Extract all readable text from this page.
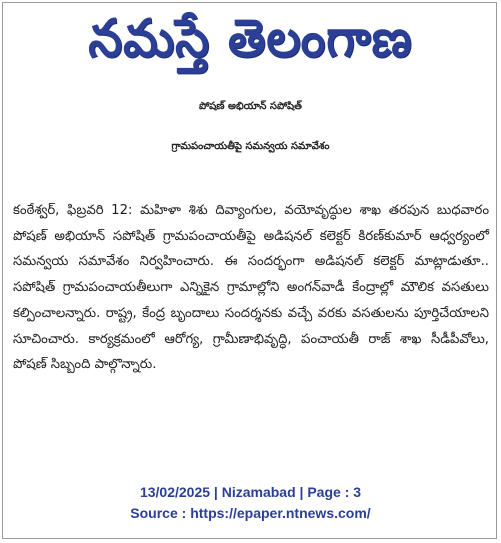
నమస్తే తెలంగాణ
పోషణ్‌ అభియాన్‌ సపోషిత్‌
గ్రామపంచాయతీపై సమన్వయ సమావేశం
కంఠేశ్వర్‌, ఫిబ్రవరి 12: మహిళా శిశు దివ్యాంగుల, వయోవృద్ధుల శాఖ తరపున బుధవారం పోషణ్‌ అభియాన్‌ సపోషిత్‌ గ్రామపంచాయతీపై అడిషనల్‌ కలెక్టర్‌ కిరణ్‌కుమార్‌ ఆధ్వర్యంలో సమన్వయ సమావేశం నిర్వహించారు. ఈ సందర్భంగా అడిషనల్‌ కలెక్టర్‌ మాట్లాడుతూ.. సపోషిత్‌ గ్రామపంచాయతీలుగా ఎన్నికైన గ్రామాల్లోని అంగన్‌వాడీ కేంద్రాల్లో మౌలిక వసతులు కల్పించాలన్నారు. రాష్ట్ర, కేంద్ర బృందాలు సందర్శనకు వచ్చే వరకు వసతులను పూర్తిచేయాలని సూచించారు. కార్యక్రమంలో ఆరోగ్య, గ్రామీణాభివృద్ధి, పంచాయతీ రాజ్‌ శాఖ సీడీపీవోలు, పోషణ్‌ సిబ్బంది పాల్గొన్నారు.
13/02/2025 | Nizamabad | Page : 3
Source : https://epaper.ntnews.com/
